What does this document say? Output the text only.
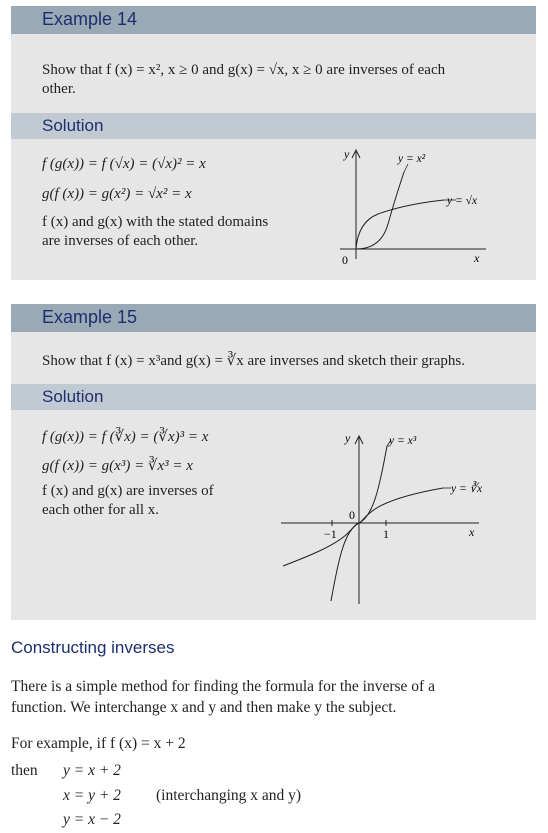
Example 14
Show that f (x) = x², x ≥ 0 and g(x) = √x, x ≥ 0 are inverses of each
other.
Solution
f (g(x)) = f (√x) = (√x)² = x
g(f (x)) = g(x²) = √x² = x
f (x) and g(x) with the stated domains
are inverses of each other.
y
x
0
y = x²
y = √x
Example 15
Show that f (x) = x³and g(x) = ∛x are inverses and sketch their graphs.
Solution
f (g(x)) = f (∛x) = (∛x)³ = x
g(f (x)) = g(x³) = ∛x³ = x
f (x) and g(x) are inverses of
each other for all x.
y
x
0
−1	1
y = x³
y = ∛x
Constructing inverses
There is a simple method for finding the formula for the inverse of a
function. We interchange x and y and then make y the subject.
For example, if f (x) = x + 2
then y = x + 2
x = y + 2 (interchanging x and y)
y = x − 2
